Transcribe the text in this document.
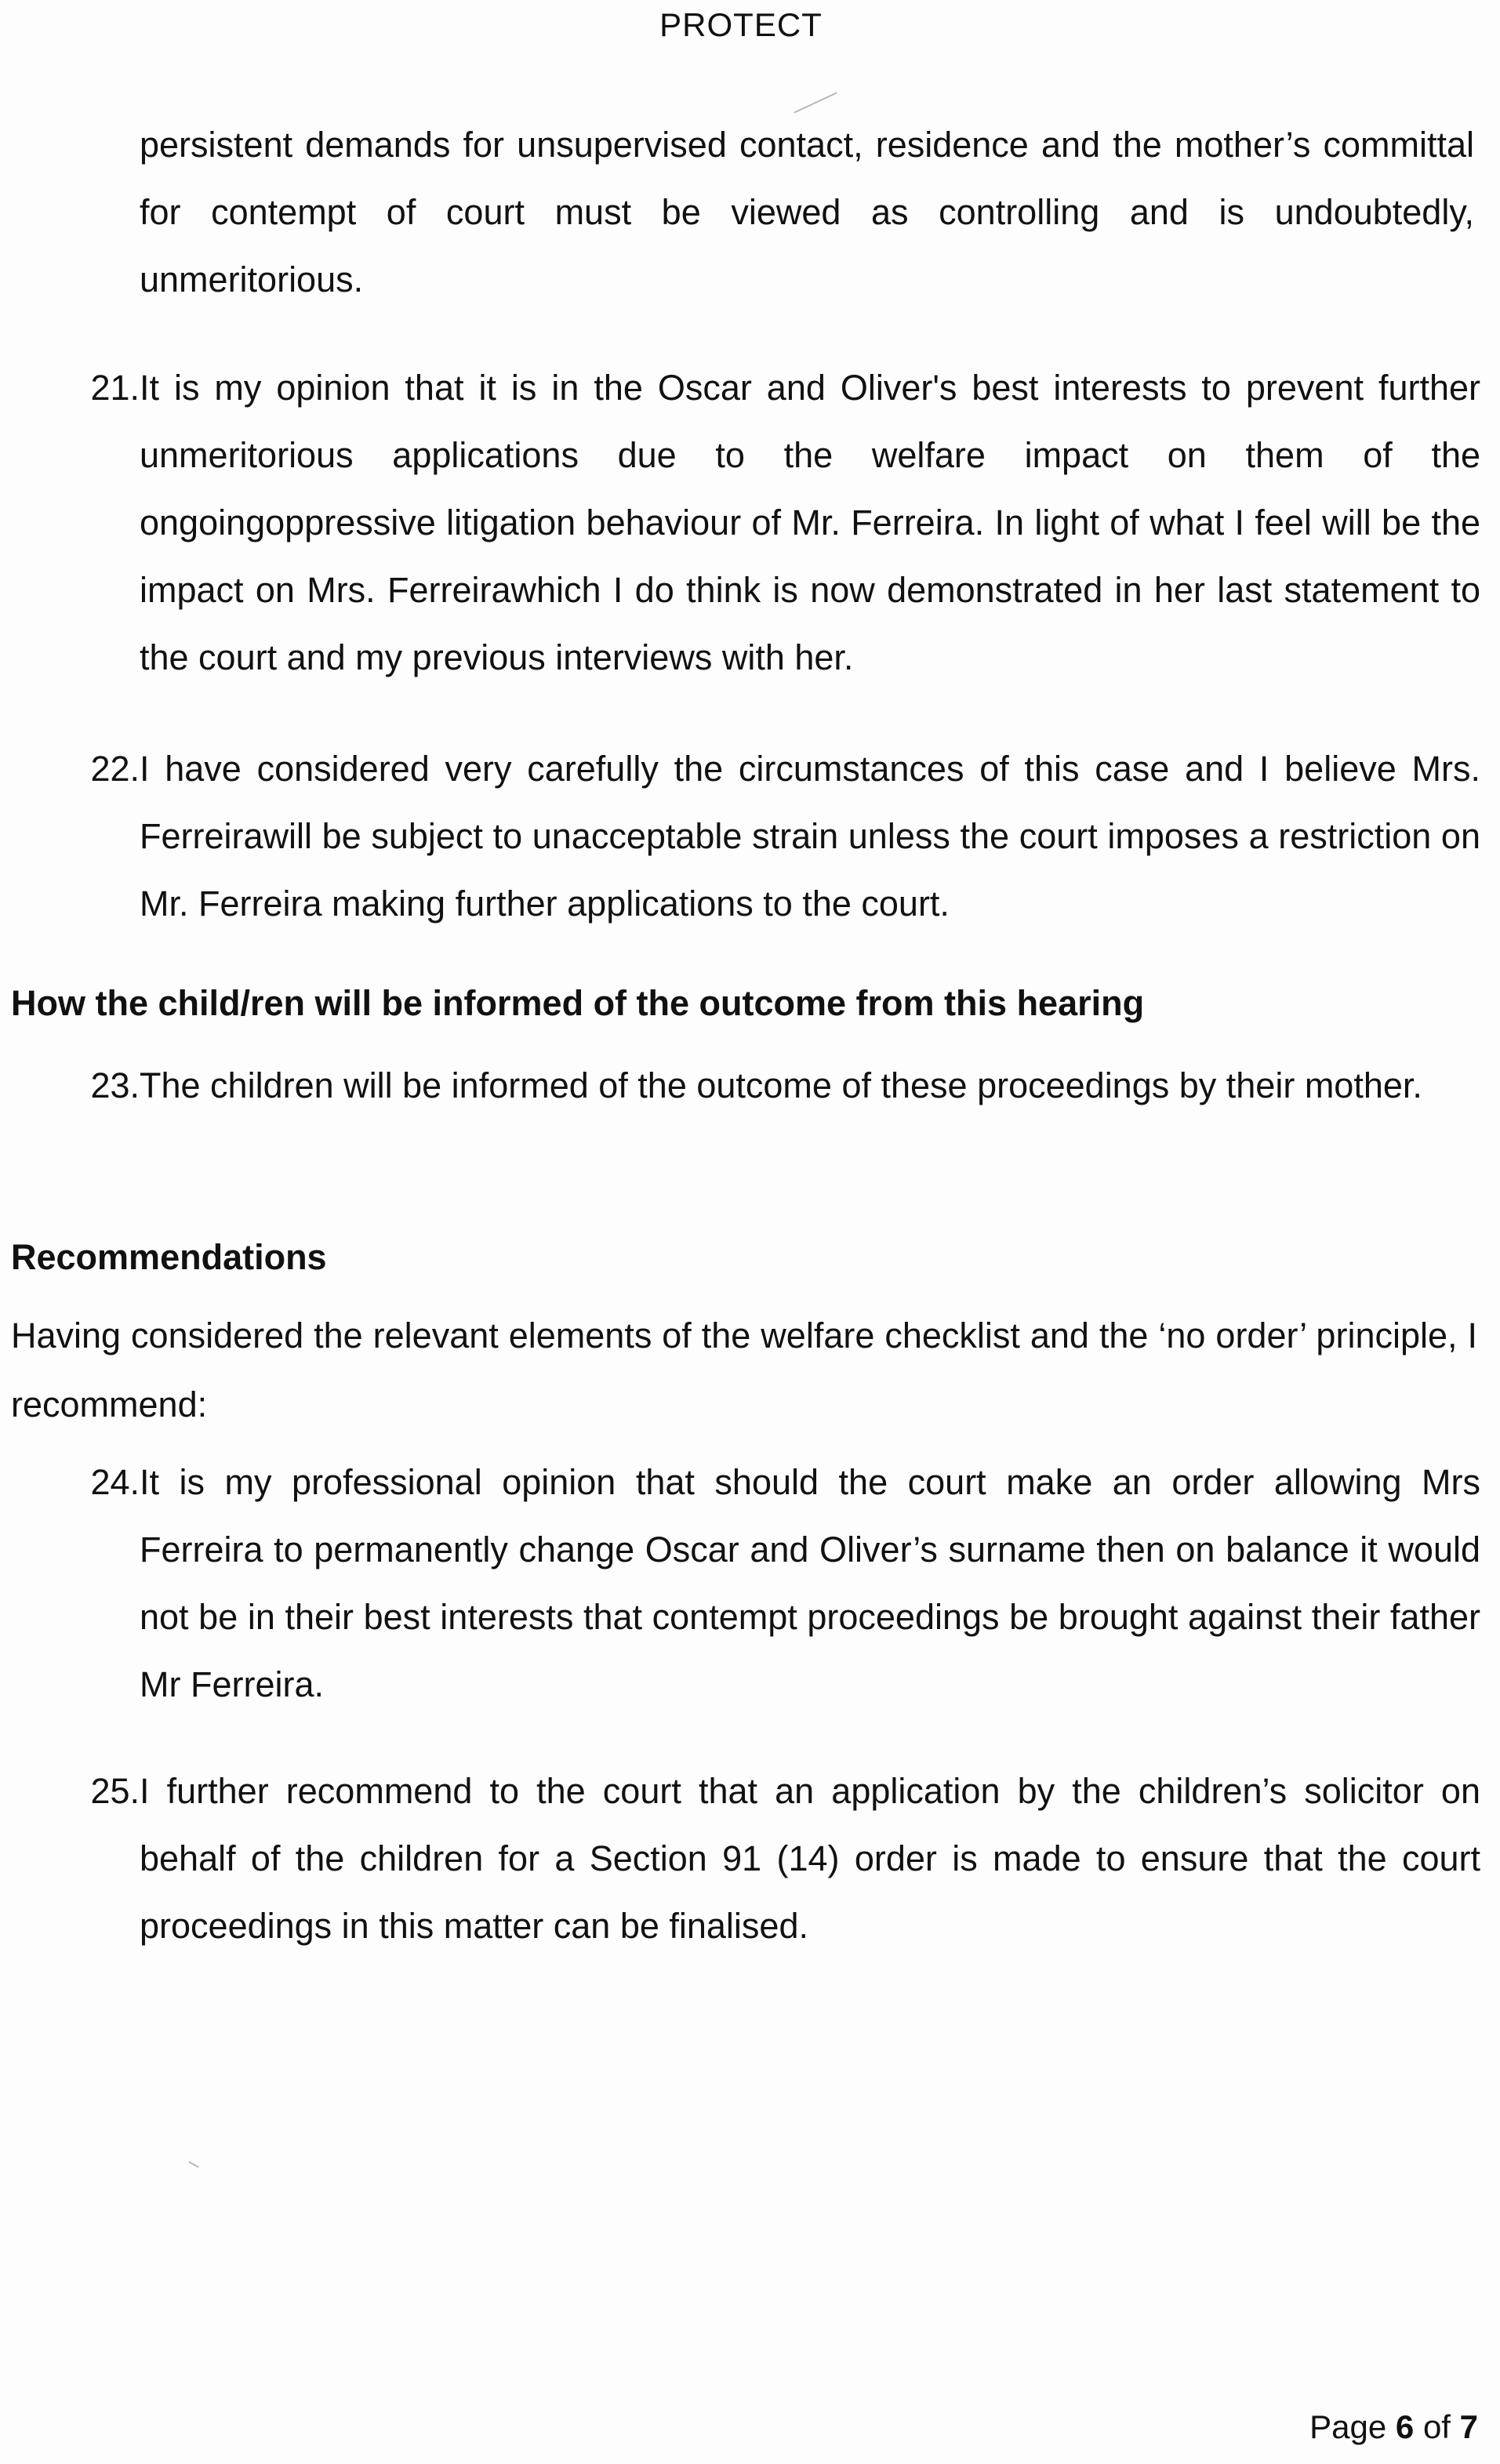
PROTECT

persistent demands for unsupervised contact, residence and the mother’s committal for contempt of court must be viewed as controlling and is undoubtedly, unmeritorious.

21. It is my opinion that it is in the Oscar and Oliver's best interests to prevent further unmeritorious applications due to the welfare impact on them of the ongoingoppressive litigation behaviour of Mr. Ferreira. In light of what I feel will be the impact on Mrs. Ferreirawhich I do think is now demonstrated in her last statement to the court and my previous interviews with her.

22. I have considered very carefully the circumstances of this case and I believe Mrs. Ferreirawill be subject to unacceptable strain unless the court imposes a restriction on Mr. Ferreira making further applications to the court.

How the child/ren will be informed of the outcome from this hearing
23. The children will be informed of the outcome of these proceedings by their mother.

Recommendations

Having considered the relevant elements of the welfare checklist and the ‘no order’ principle, I recommend:

24. It is my professional opinion that should the court make an order allowing Mrs Ferreira to permanently change Oscar and Oliver’s surname then on balance it would not be in their best interests that contempt proceedings be brought against their father Mr Ferreira.

25. I further recommend to the court that an application by the children’s solicitor on behalf of the children for a Section 91 (14) order is made to ensure that the court proceedings in this matter can be finalised.

Page 6 of 7
